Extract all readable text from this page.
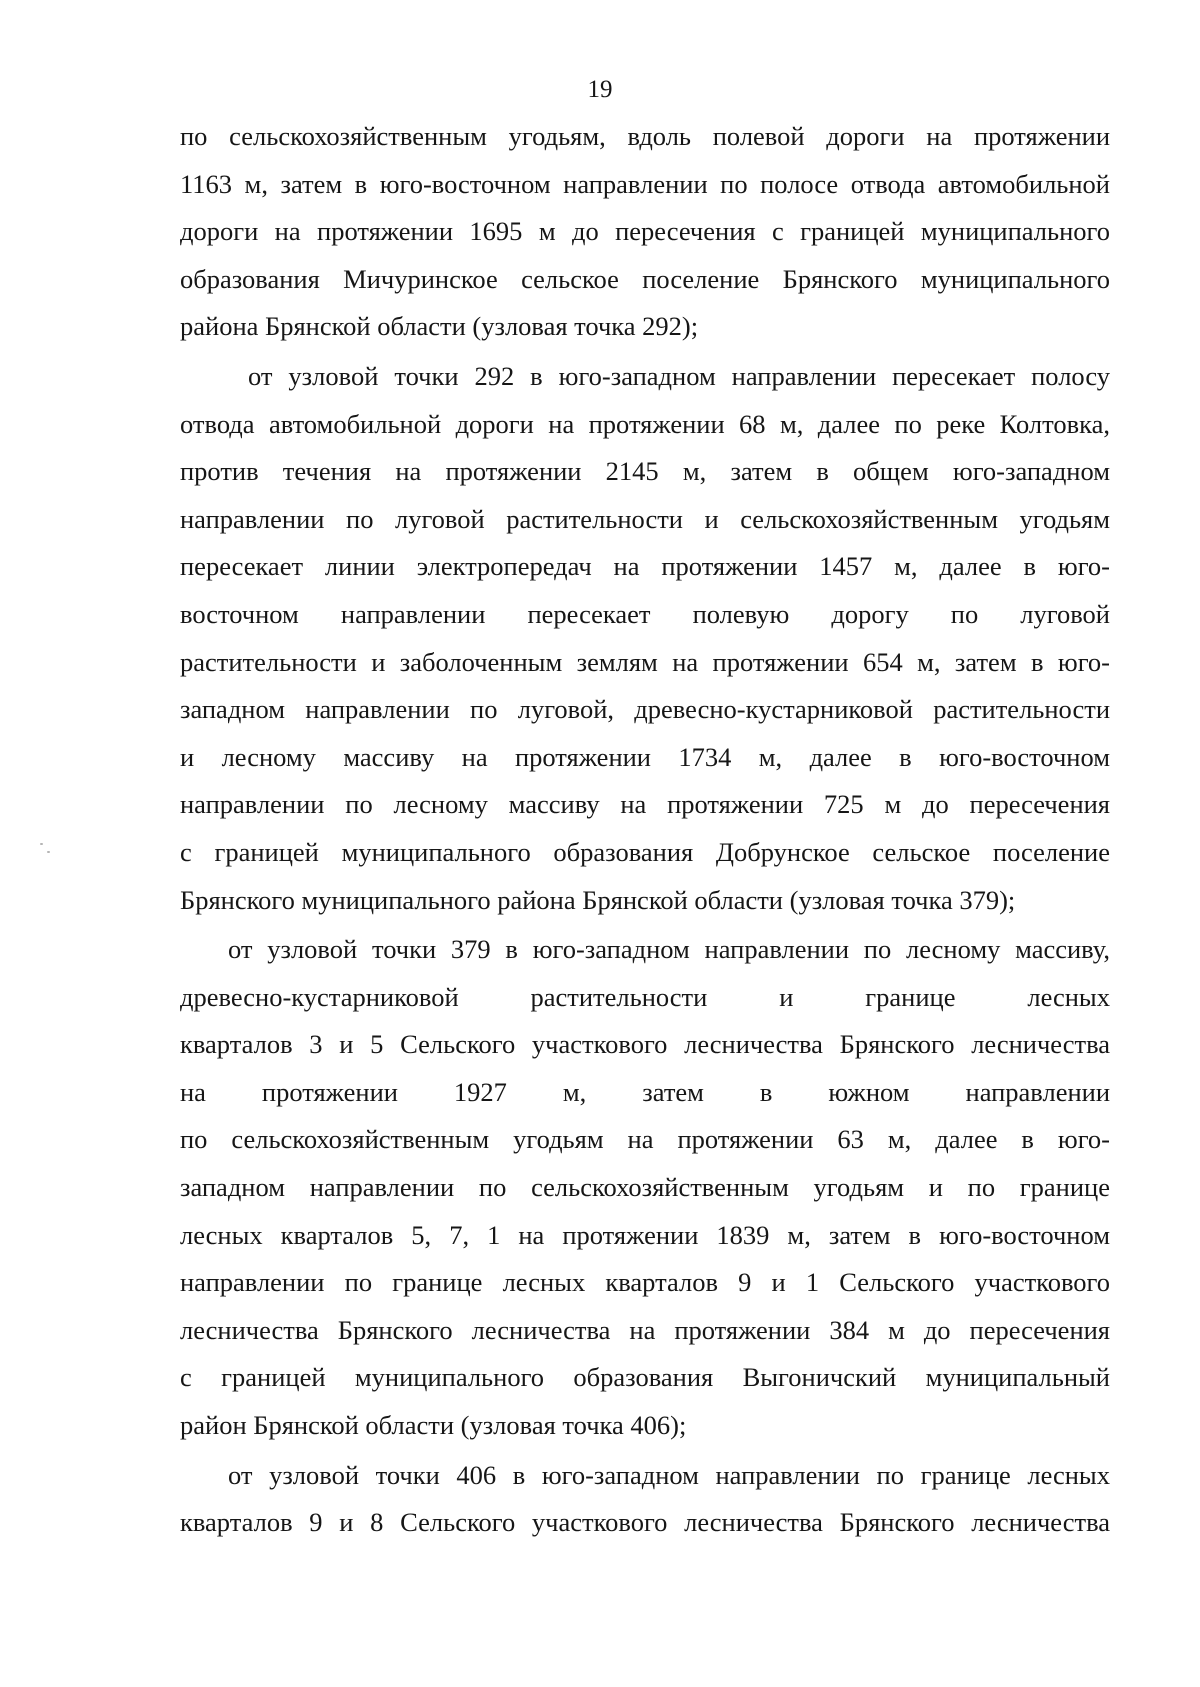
19
по сельскохозяйственным угодьям, вдоль полевой дороги на протяжении
1163 м, затем в юго-восточном направлении по полосе отвода автомобильной
дороги на протяжении 1695 м до пересечения с границей муниципального
образования Мичуринское сельское поселение Брянского муниципального
района Брянской области (узловая точка 292);
от узловой точки 292 в юго-западном направлении пересекает полосу
отвода автомобильной дороги на протяжении 68 м, далее по реке Колтовка,
против течения на протяжении 2145 м, затем в общем юго-западном
направлении по луговой растительности и сельскохозяйственным угодьям
пересекает линии электропередач на протяжении 1457 м, далее в юго-
восточном направлении пересекает полевую дорогу по луговой
растительности и заболоченным землям на протяжении 654 м, затем в юго-
западном направлении по луговой, древесно-кустарниковой растительности
и лесному массиву на протяжении 1734 м, далее в юго-восточном
направлении по лесному массиву на протяжении 725 м до пересечения
с границей муниципального образования Добрунское сельское поселение
Брянского муниципального района Брянской области (узловая точка 379);
от узловой точки 379 в юго-западном направлении по лесному массиву,
древесно-кустарниковой растительности и границе лесных
кварталов 3 и 5 Сельского участкового лесничества Брянского лесничества
на протяжении 1927 м, затем в южном направлении
по сельскохозяйственным угодьям на протяжении 63 м, далее в юго-
западном направлении по сельскохозяйственным угодьям и по границе
лесных кварталов 5, 7, 1 на протяжении 1839 м, затем в юго-восточном
направлении по границе лесных кварталов 9 и 1 Сельского участкового
лесничества Брянского лесничества на протяжении 384 м до пересечения
с границей муниципального образования Выгоничский муниципальный
район Брянской области (узловая точка 406);
от узловой точки 406 в юго-западном направлении по границе лесных
кварталов 9 и 8 Сельского участкового лесничества Брянского лесничества
